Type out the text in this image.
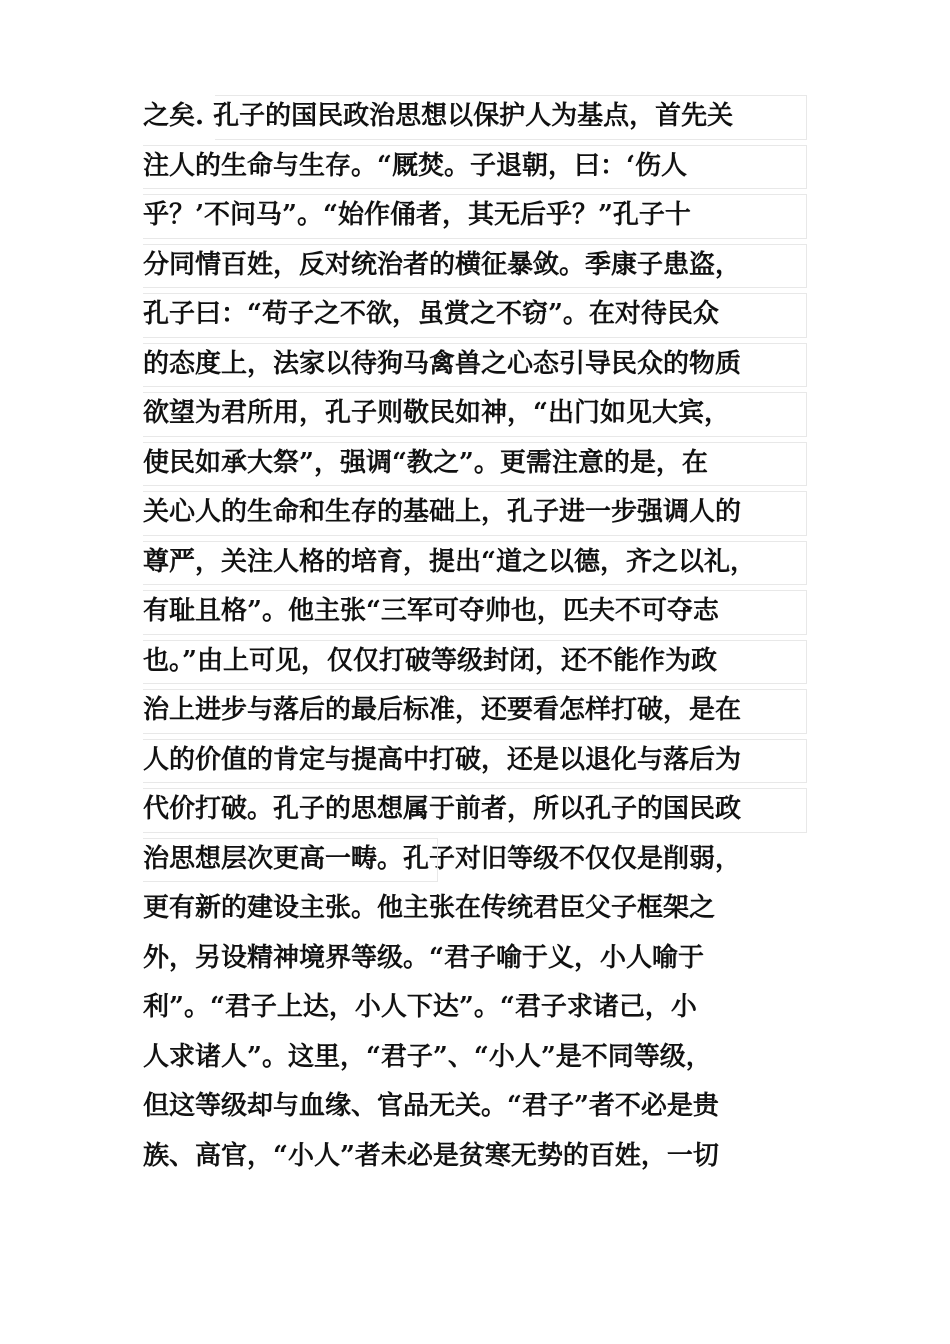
之矣. 孔子的国民政治思想以保护人为基点，首先关
注人的生命与生存。“厩焚。子退朝，曰：‘伤人
乎？’不问马”。“始作俑者，其无后乎？”孔子十
分同情百姓，反对统治者的横征暴敛。季康子患盗，
孔子曰：“苟子之不欲，虽赏之不窃”。在对待民众
的态度上，法家以待狗马禽兽之心态引导民众的物质
欲望为君所用，孔子则敬民如神，“出门如见大宾，
使民如承大祭”，强调“教之”。更需注意的是，在
关心人的生命和生存的基础上，孔子进一步强调人的
尊严，关注人格的培育，提出“道之以德，齐之以礼，
有耻且格”。他主张“三军可夺帅也，匹夫不可夺志
也。”由上可见，仅仅打破等级封闭，还不能作为政
治上进步与落后的最后标准，还要看怎样打破，是在
人的价值的肯定与提高中打破，还是以退化与落后为
代价打破。孔子的思想属于前者，所以孔子的国民政
治思想层次更高一畴。孔子对旧等级不仅仅是削弱，
更有新的建设主张。他主张在传统君臣父子框架之
外，另设精神境界等级。“君子喻于义，小人喻于
利”。“君子上达，小人下达”。“君子求诸己，小
人求诸人”。这里，“君子”、“小人”是不同等级，
但这等级却与血缘、官品无关。“君子”者不必是贵
族、高官，“小人”者未必是贫寒无势的百姓，一切
